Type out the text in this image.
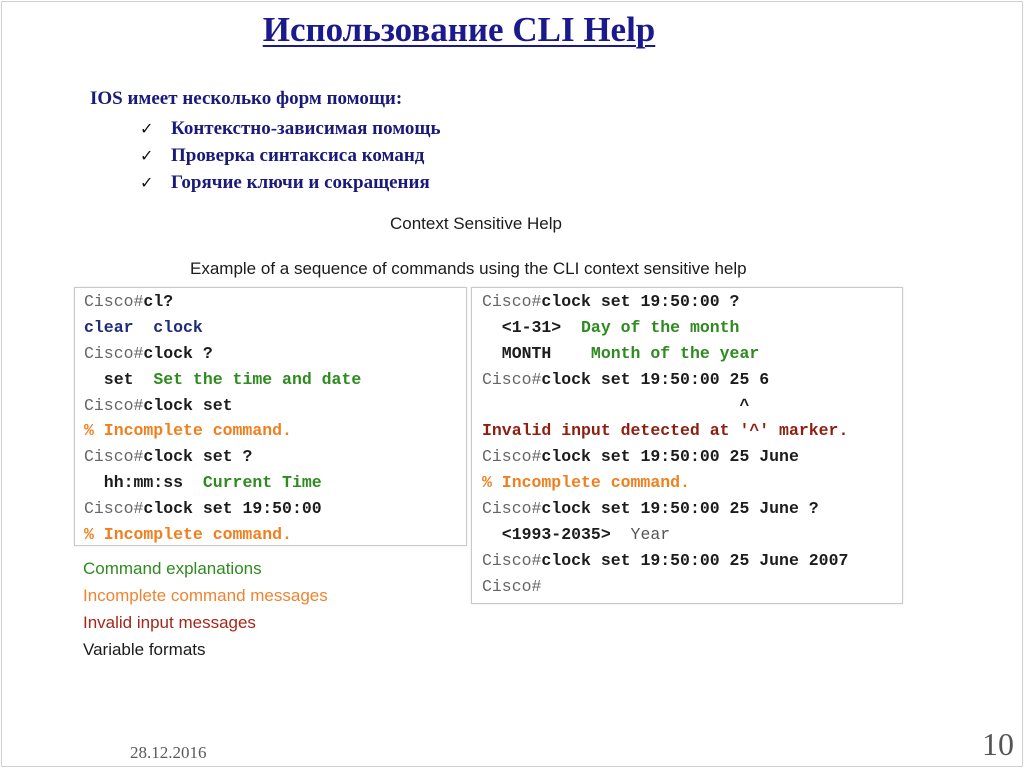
Использование CLI Help
IOS имеет несколько форм помощи:
✓ Контекстно-зависимая помощь
✓ Проверка синтаксиса команд
✓ Горячие ключи и сокращения
Context Sensitive Help
Example of a sequence of commands using the CLI context sensitive help
Cisco#cl?
clear  clock
Cisco#clock ?
set Set the time and date
Cisco#clock set
% Incomplete command.
Cisco#clock set ?
hh:mm:ss Current Time
Cisco#clock set 19:50:00
% Incomplete command.
Cisco#clock set 19:50:00 ?
<1-31> Day of the month
MONTH Month of the year
Cisco#clock set 19:50:00 25 6
^
Invalid input detected at '^' marker.
Cisco#clock set 19:50:00 25 June
% Incomplete command.
Cisco#clock set 19:50:00 25 June ?
<1993-2035> Year
Cisco#clock set 19:50:00 25 June 2007
Cisco#
Command explanations
Incomplete command messages
Invalid input messages
Variable formats
28.12.2016	10
